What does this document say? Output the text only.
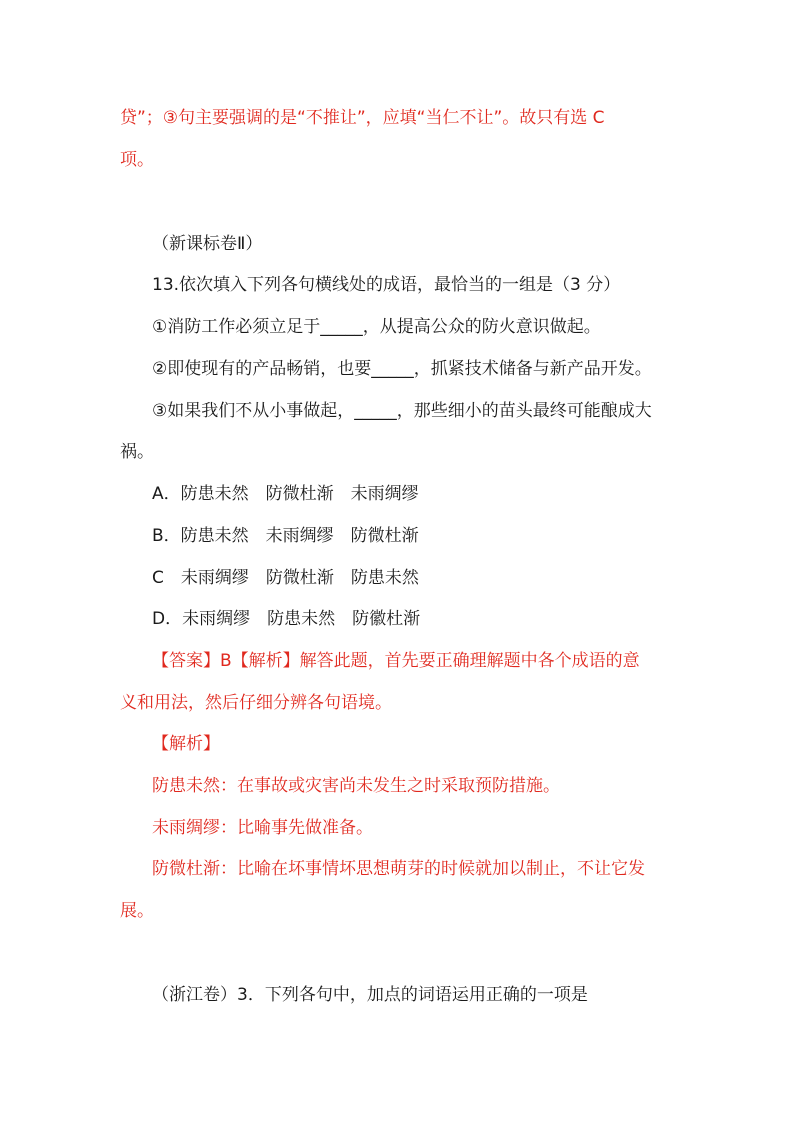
贷”；③句主要强调的是“不推让”，应填“当仁不让”。故只有选 C
项。
（新课标卷Ⅱ）
13.依次填入下列各句横线处的成语，最恰当的一组是（3 分）
①消防工作必须立足于_____，从提高公众的防火意识做起。
②即使现有的产品畅销，也要_____，抓紧技术储备与新产品开发。
③如果我们不从小事做起，_____，那些细小的苗头最终可能酿成大
祸。
A．防患未然　防微杜渐　未雨绸缪
B．防患未然　未雨绸缪　防微杜渐
C　未雨绸缪　防微杜渐　防患未然
D．未雨绸缪　防患未然　防徽杜渐
【答案】B【解析】解答此题，首先要正确理解题中各个成语的意
义和用法，然后仔细分辨各句语境。
【解析】
防患未然：在事故或灾害尚未发生之时采取预防措施。
未雨绸缪：比喻事先做准备。
防微杜渐：比喻在坏事情坏思想萌芽的时候就加以制止，不让它发
展。
（浙江卷）3．下列各句中，加点的词语运用正确的一项是
